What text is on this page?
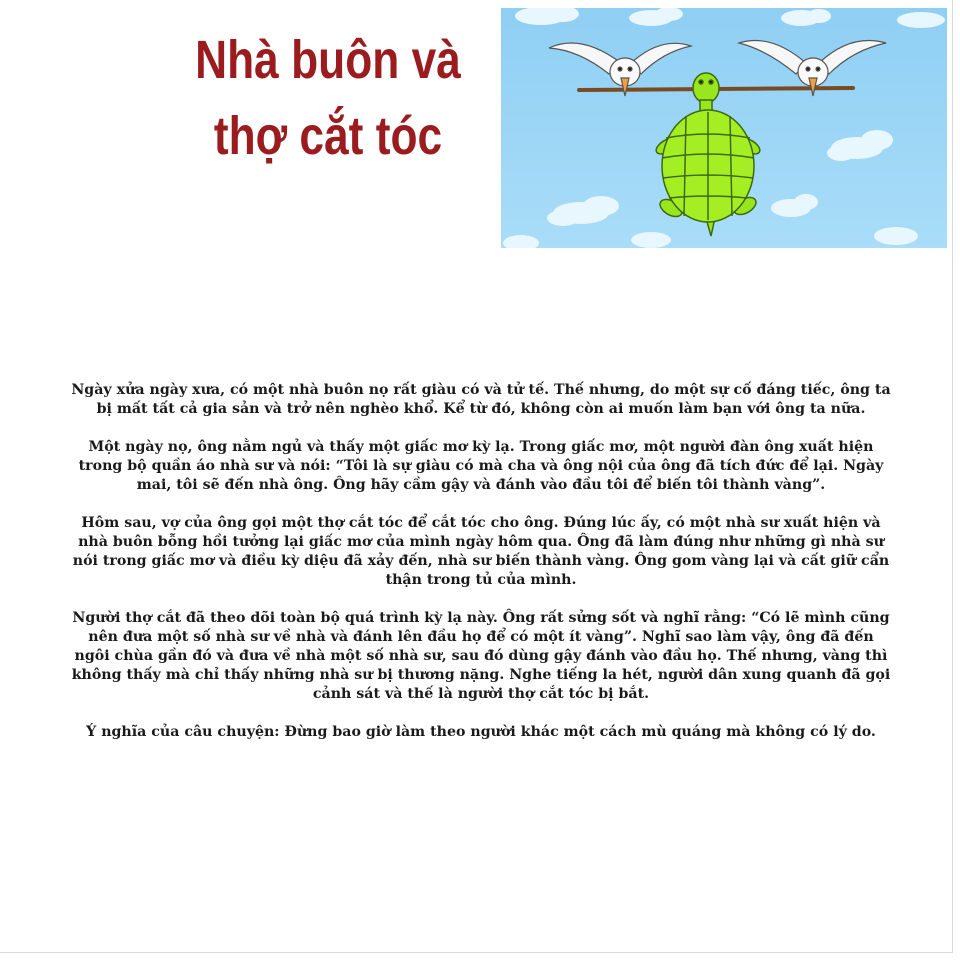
Nhà buôn và
thợ cắt tóc

Ngày xửa ngày xưa, có một nhà buôn nọ rất giàu có và tử tế. Thế nhưng, do một sự cố đáng tiếc, ông ta bị mất tất cả gia sản và trở nên nghèo khổ. Kể từ đó, không còn ai muốn làm bạn với ông ta nữa.

Một ngày nọ, ông nằm ngủ và thấy một giấc mơ kỳ lạ. Trong giấc mơ, một người đàn ông xuất hiện trong bộ quần áo nhà sư và nói: “Tôi là sự giàu có mà cha và ông nội của ông đã tích đức để lại. Ngày mai, tôi sẽ đến nhà ông. Ông hãy cầm gậy và đánh vào đầu tôi để biến tôi thành vàng”.

Hôm sau, vợ của ông gọi một thợ cắt tóc để cắt tóc cho ông. Đúng lúc ấy, có một nhà sư xuất hiện và nhà buôn bỗng hồi tưởng lại giấc mơ của mình ngày hôm qua. Ông đã làm đúng như những gì nhà sư nói trong giấc mơ và điều kỳ diệu đã xảy đến, nhà sư biến thành vàng. Ông gom vàng lại và cất giữ cẩn thận trong tủ của mình.

Người thợ cắt đã theo dõi toàn bộ quá trình kỳ lạ này. Ông rất sửng sốt và nghĩ rằng: “Có lẽ mình cũng nên đưa một số nhà sư về nhà và đánh lên đầu họ để có một ít vàng”. Nghĩ sao làm vậy, ông đã đến ngôi chùa gần đó và đưa về nhà một số nhà sư, sau đó dùng gậy đánh vào đầu họ. Thế nhưng, vàng thì không thấy mà chỉ thấy những nhà sư bị thương nặng. Nghe tiếng la hét, người dân xung quanh đã gọi cảnh sát và thế là người thợ cắt tóc bị bắt.

Ý nghĩa của câu chuyện: Đừng bao giờ làm theo người khác một cách mù quáng mà không có lý do.
